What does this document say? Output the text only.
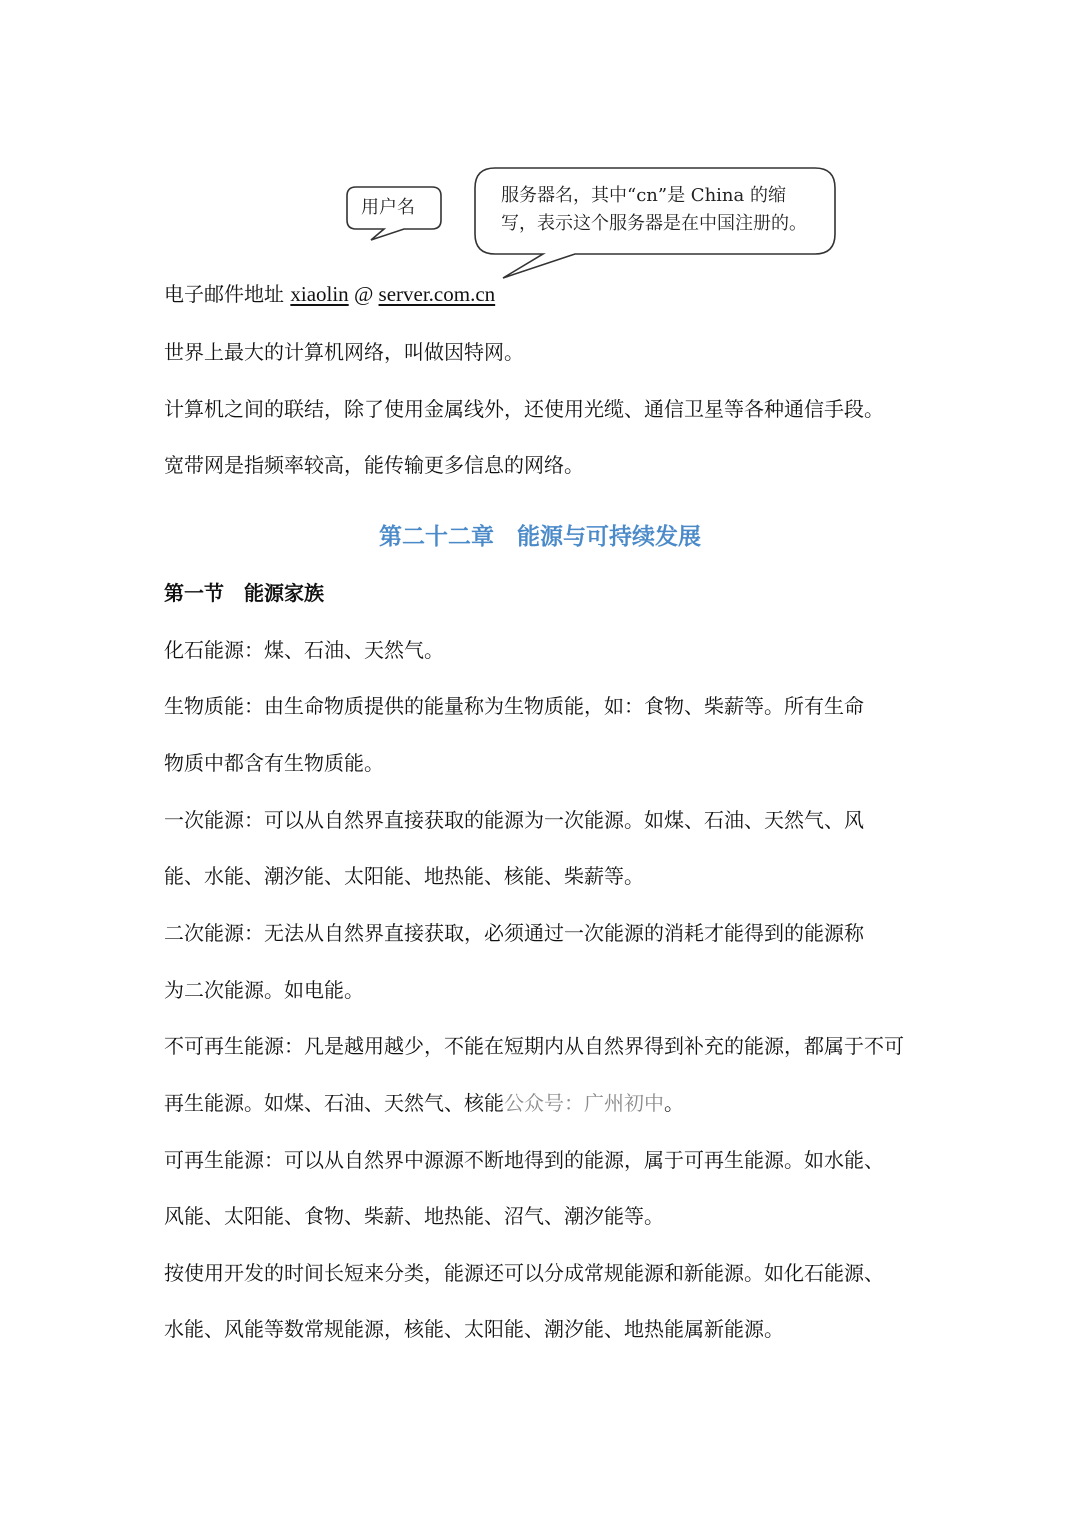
用户名
服务器名，其中“cn”是 China 的缩
写，表示这个服务器是在中国注册的。
电子邮件地址 xiaolin @ server.com.cn
世界上最大的计算机网络，叫做因特网。
计算机之间的联结，除了使用金属线外，还使用光缆、通信卫星等各种通信手段。
宽带网是指频率较高，能传输更多信息的网络。
第二十二章　能源与可持续发展
第一节　能源家族
化石能源：煤、石油、天然气。
生物质能：由生命物质提供的能量称为生物质能，如：食物、柴薪等。所有生命
物质中都含有生物质能。
一次能源：可以从自然界直接获取的能源为一次能源。如煤、石油、天然气、风
能、水能、潮汐能、太阳能、地热能、核能、柴薪等。
二次能源：无法从自然界直接获取，必须通过一次能源的消耗才能得到的能源称
为二次能源。如电能。
不可再生能源：凡是越用越少，不能在短期内从自然界得到补充的能源，都属于不可
再生能源。如煤、石油、天然气、核能公众号：广州初中。
可再生能源：可以从自然界中源源不断地得到的能源，属于可再生能源。如水能、
风能、太阳能、食物、柴薪、地热能、沼气、潮汐能等。
按使用开发的时间长短来分类，能源还可以分成常规能源和新能源。如化石能源、
水能、风能等数常规能源，核能、太阳能、潮汐能、地热能属新能源。
